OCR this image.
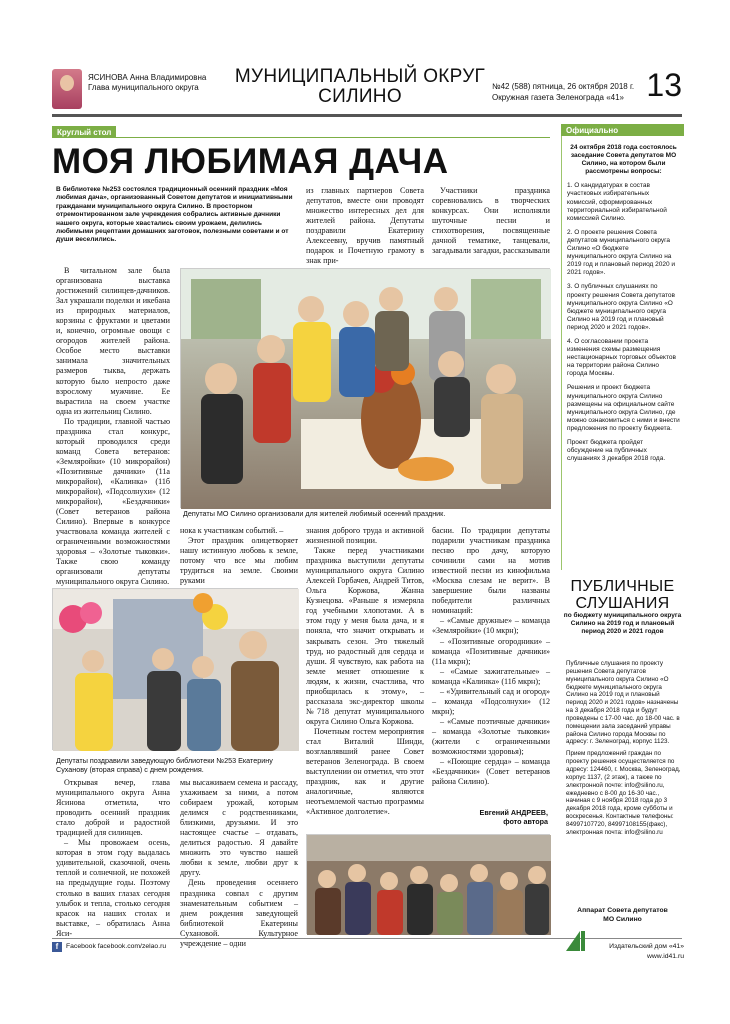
ЯСИНОВА Анна Владимировна
Глава муниципального округа
МУНИЦИПАЛЬНЫЙ ОКРУГ
СИЛИНО	№42 (588) пятница, 26 октября 2018 г.
Окружная газета Зеленограда «41» 13
Круглый стол
МОЯ ЛЮБИМАЯ ДАЧА
В библиотеке №253 состоялся традиционный осенний праздник «Моя любимая дача», организованный Советом депутатов и инициативными гражданами муниципального округа Силино. В просторном отремонтированном зале учреждения собрались активные дачники нашего округа, которые хвастались своим урожаем, делились любимыми рецептами домашних заготовок, полезными советами и от души веселились.

В читальном зале была организована выставка достижений силинцев-дачников. Зал украшали поделки и икебана из природных материалов, корзины с фруктами и цветами и, конечно, огромные овощи с огородов жителей района. Особое место выставки занимала значительных размеров тыква, держать которую было непросто даже взрослому мужчине. Ее вырастила на своем участке одна из жительниц Силино.

По традиции, главной частью праздника стал конкурс, который проводился среди команд Совета ветеранов: «Земляройки» (10 микрорайон) «Позитивные дачники» (11а микрорайон), «Калинка» (11б микрорайон), «Подсолнухи» (12 микрорайон), «Бездачники» (Совет ветеранов района Силино). Впервые в конкурсе участвовала команда жителей с ограниченными возможностями здоровья – «Золотые тыковки». Также свою команду организовали депутаты муниципального округа Силино.

из главных партнеров Совета депутатов, вместе они проводят множество интересных дел для жителей района. Депутаты поздравили Екатерину Алексеевну, вручив памятный подарок и Почетную грамоту в знак при-

Участники праздника соревновались в творческих конкурсах. Они исполняли шуточные песни и стихотворения, посвященные дачной тематике, танцевали, загадывали загадки, рассказывали

Депутаты МО Силино организовали для жителей любимый осенний праздник.

нока к участникам событий. –

Этот праздник олицетворяет нашу истинную любовь к земле, потому что все мы любим трудиться на земле. Своими руками

знания доброго труда и активной жизненной позиции.

Также перед участниками праздника выступили депутаты муниципального округа Силино Алексей Горбачев, Андрей Титов, Ольга Коржова, Жанна Кузнецова. «Раньше я измеряла год учебными хлопотами. А в этом году у меня была дача, и я поняла, что значит открывать и закрывать сезон. Это тяжелый труд, но радостный для сердца и души. Я чувствую, как работа на земле меняет отношение к людям, к жизни, счастлива, что приобщилась к этому», – рассказала экс-директор школы №718 депутат муниципального округа Силино Ольга Коржова.

Почетным гостем мероприятия стал Виталий Шинди, возглавлявший ранее Совет ветеранов Зеленограда. В своем выступлении он отметил, что этот праздник, как и другие аналогичные, являются неотъемлемой частью программы «Активное долголетие».

басни. По традиции депутаты подарили участникам праздника песню про дачу, которую сочинили сами на мотив известной песни из кинофильма «Москва слезам не верит». В завершение были названы победители различных номинаций:

– «Самые дружные» – команда «Земляройки» (10 мкрн);

– «Позитивные огородники» – команда «Позитивные дачники» (11а мкрн);

– «Самые зажигательные» – команда «Калинка» (11б мкрн);

– «Удивительный сад и огород» – команда «Подсолнухи» (12 мкрн);

– «Самые поэтичные дачники» – команда «Золотые тыковки» (жители с ограниченными возможностями здоровья);

– «Поющие сердца» – команда «Бездачники» (Совет ветеранов района Силино).

Евгений АНДРЕЕВ,
фото автора
Депутаты поздравили заведующую библиотеки №253 Екатерину Суханову (вторая справа) с днем рождения.

Открывая вечер, глава муниципального округа Анна Ясинова отметила, что проводить осенний праздник стало доброй и радостной традицией для силинцев.

– Мы провожаем осень, которая в этом году выдалась удивительной, сказочной, очень теплой и солнечной, не похожей на предыдущие годы. Поэтому столько в ваших глазах сегодня улыбок и тепла, столько сегодня красок на наших столах и выставке, – обратилась Анна Яси-

мы высаживаем семена и рассаду, ухаживаем за ними, а потом собираем урожай, которым делимся с родственниками, близкими, друзьями. И это настоящее счастье – отдавать, делиться радостью. Я давайте множить это чувство нашей любви к земле, любви друг к другу.

День проведения осеннего праздника совпал с другим знаменательным событием – днем рождения заведующей библиотекой Екатерины Сухановой. Культурное учреждение – одни

Официально

24 октября 2018 года состоялось заседание Совета депутатов МО Силино, на котором были рассмотрены вопросы:

1. О кандидатурах в состав участковых избирательных комиссий, сформированных территориальной избирательной комиссией Силино.

2. О проекте решения Совета депутатов муниципального округа Силино «О бюджете муниципального округа Силино на 2019 год и плановый период 2020 и 2021 годов».

3. О публичных слушаниях по проекту решения Совета депутатов муниципального округа Силино «О бюджете муниципального округа Силино на 2019 год и плановый период 2020 и 2021 годов».

4. О согласовании проекта изменения схемы размещения нестационарных торговых объектов на территории района Силино города Москвы.

Решения и проект бюджета муниципального округа Силино размещены на официальном сайте муниципального округа Силино, где можно ознакомиться с ними и внести предложения по проекту бюджета.

Проект бюджета пройдет обсуждение на публичных слушаниях 3 декабря 2018 года.

ПУБЛИЧНЫЕ
СЛУШАНИЯ
по бюджету муниципального округа Силино на 2019 год и плановый период 2020 и 2021 годов

Публичные слушания по проекту решения Совета депутатов муниципального округа Силино «О бюджете муниципального округа Силино на 2019 год и плановый период 2020 и 2021 годов» назначены на 3 декабря 2018 года и будут проведены с 17-00 час. до 18-00 час. в помещении зала заседаний управы района Силино города Москвы по адресу: г. Зеленоград, корпус 1123.

Прием предложений граждан по проекту решения осуществляется по адресу: 124460, г. Москва, Зеленоград, корпус 1137, (2 этаж), а также по электронной почте: info@silino.ru, ежедневно с 8-00 до 16-30 час., начиная с 9 ноября 2018 года до 3 декабря 2018 года, кроме субботы и воскресенья. Контактные телефоны: 84997107720, 84997108155(факс), электронная почта: info@silino.ru

Аппарат Совета депутатов
МО Силино
f	Facebook facebook.com/zelao.ru	Издательский дом «41» www.id41.ru
